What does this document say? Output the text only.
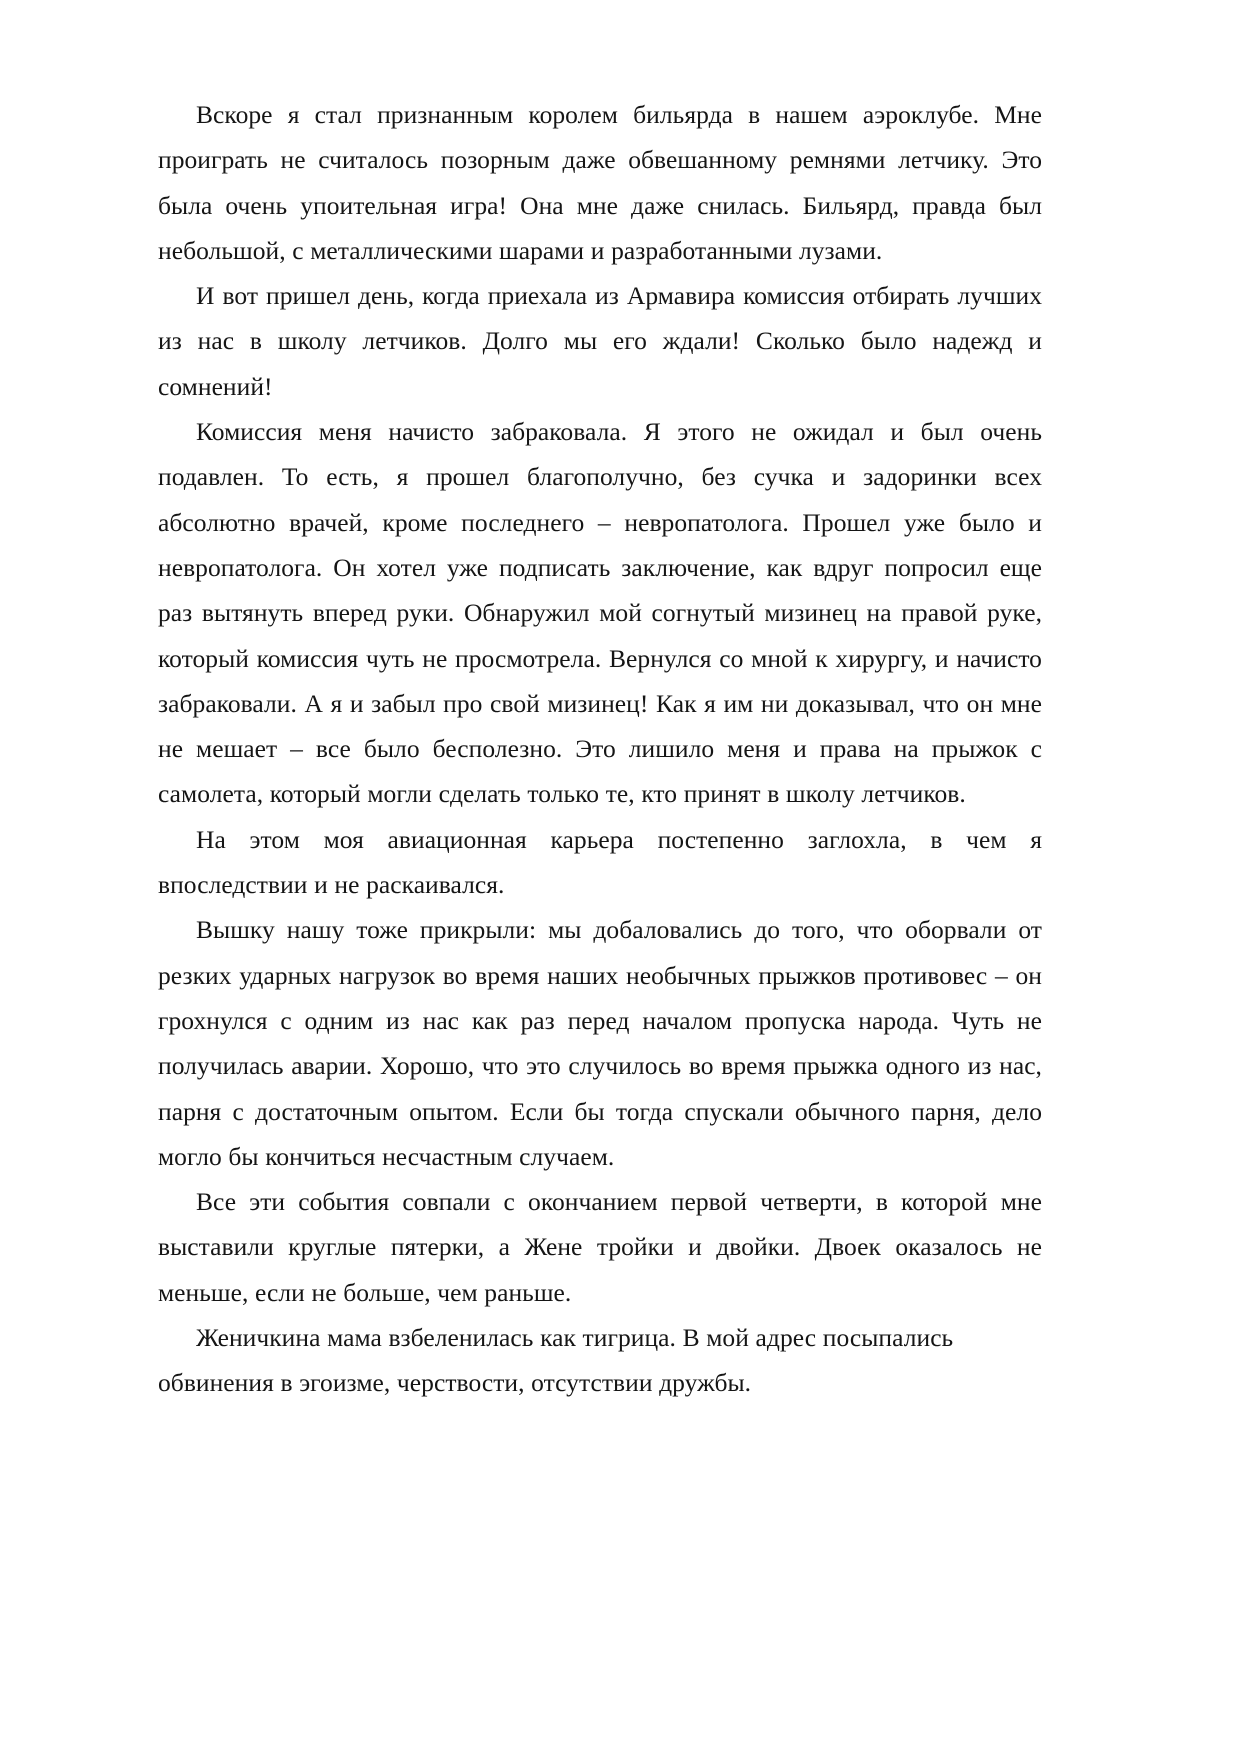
Вскоре я стал признанным королем бильярда в нашем аэроклубе. Мне проиграть не считалось позорным даже обвешанному ремнями летчику. Это была очень упоительная игра! Она мне даже снилась. Бильярд, правда был небольшой, с металлическими шарами и разработанными лузами.

И вот пришел день, когда приехала из Армавира комиссия отбирать лучших из нас в школу летчиков. Долго мы его ждали! Сколько было надежд и сомнений!

Комиссия меня начисто забраковала. Я этого не ожидал и был очень подавлен. То есть, я прошел благополучно, без сучка и задоринки всех абсолютно врачей, кроме последнего – невропатолога. Прошел уже было и невропатолога. Он хотел уже подписать заключение, как вдруг попросил еще раз вытянуть вперед руки. Обнаружил мой согнутый мизинец на правой руке, который комиссия чуть не просмотрела. Вернулся со мной к хирургу, и начисто забраковали. А я и забыл про свой мизинец! Как я им ни доказывал, что он мне не мешает – все было бесполезно. Это лишило меня и права на прыжок с самолета, который могли сделать только те, кто принят в школу летчиков.

На этом моя авиационная карьера постепенно заглохла, в чем я впоследствии и не раскаивался.

Вышку нашу тоже прикрыли: мы добаловались до того, что оборвали от резких ударных нагрузок во время наших необычных прыжков противовес – он грохнулся с одним из нас как раз перед началом пропуска народа. Чуть не получилась аварии. Хорошо, что это случилось во время прыжка одного из нас, парня с достаточным опытом. Если бы тогда спускали обычного парня, дело могло бы кончиться несчастным случаем.

Все эти события совпали с окончанием первой четверти, в которой мне выставили круглые пятерки, а Жене тройки и двойки. Двоек оказалось не меньше, если не больше, чем раньше.

Женичкина мама взбеленилась как тигрица. В мой адрес посыпались обвинения в эгоизме, черствости, отсутствии дружбы.
